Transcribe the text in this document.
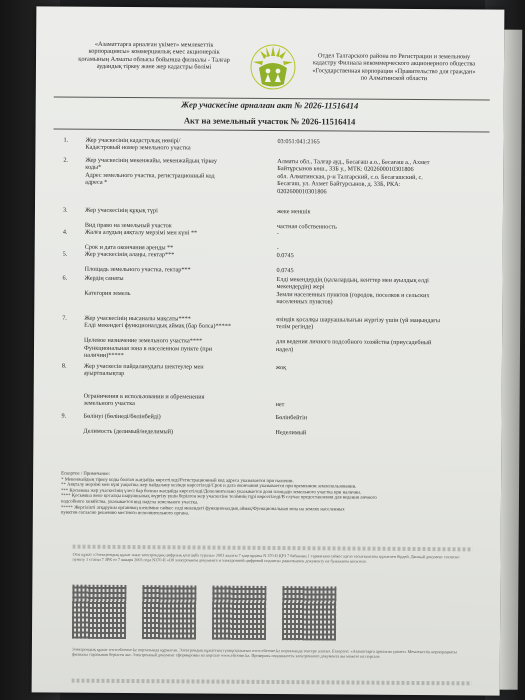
«Азаматтарға арналған үкімет» мемлекеттік
корпорациясы» коммерциялық емес акционерлік
қоғамының Алматы облысы бойынша филиалы - Талғар
аудандық тіркеу және жер кадастры бөлімі
Отдел Талгарского района по Регистрации и земельному
кадастру Филиала некоммерческого акционерного общества
«Государственная корпорация «Правительство для граждан»
по Алматинской области
Жер учаскесіне арналған акт № 2026-11516414
Акт на земельный участок № 2026-11516414
1.	Жер учаскесінің кадастрлық нөмірі/
Кадастровый номер земельного участка
03:051:041:2165
2.	Жер учаскесінің мекенжайы, мекенжайдың тіркеу
коды*
Адрес земельного участка, регистрационный код
адреса *
Алматы обл., Талғар ауд., Бесағаш а.о., Бесағаш а., Ахмет
Байтұрсынов көш., 33Б у., МТК: 0202600010301806
обл. Алматинская, р-н Талгарский, с.о. Бесагашский, с.
Бесагаш, ул. Ахмет Байтурсынов, д. 33Б, РКА:
0202600010301806
3.	Жер учаскесінің құқық түрі

Вид право на земельный участок
жеке меншік

частная собственность
4.	Жалға алудың аяқталу мерзімі мен күні **

Срок и дата окончания аренды **
-

-
5.	Жер учаскесінің алаңы, гектар***

Площадь земельного участка, гектар***
0.0745

0.0745
6.	Жердің санаты

Категория земель
Елді мекендердің (қалалардың, кенттер мен ауылдық елді
мекендердің) жері
Земли населенных пунктов (городов, поселков и сельских
населенных пунктов)
7.	Жер учаскесінің нысаналы мақсаты****
Елді мекендегі функционалдық аймақ (бар болса)*****

Целевое назначение земельного участка****
Функциональная зона в населенном пункте (при
наличии)*****
өзіндік қосалқы шаруашылығын жүргізу үшін (үй маңындағы
телім регінде)

для ведения личного подсобного хозяйства (приусадебный
надел)
8.	Жер учаскесін пайдаланудағы шектеулер мен
ауыртпалықтар

Ограничения в использовании и обременения
земельного участка
жоқ

нет
9.	Бөлінуі (бөлінеді/бөлінбейді)

Делимость (делимый/неделимый)
Бөлінбейтін

Неделимый
Ескертпе / Примечание:
* Мекенжайдың тіркеу коды болған жағдайда көрсетіледі/Регистрационный код адреса указывается при наличии.
** Аяқталу мерзімі мен күні уақытша жер пайдалану кезінде көрсетіледі/Срок и дата окончания указывается при временном землепользовании.
*** Қосымша жер учаскесінің үлесі бар болған жағдайда көрсетіледі/Дополнительно указывается доля площади земельного участка при наличии.
**** Қосымша жеке қосалқы шаруашылық жүргізу үшін берілген жер учаскесіне телімнің түрі көрсетіледі/В случае предоставления для ведения личного
подсобного хозяйства, указывается вид надела земельного участка.
***** Жергілікті атқарушы органның шешіміне сәйкес елді мекендегі функционалдық аймақ/Функциональная зона на землях населенных
пунктов согласно решению местного исполнительного органа.
Осы құжат «Электрондық құжат және электрондық цифрлық қолтаңба туралы» 2003 жылғы 7 қаңтардағы N 370-II ҚРЗ 7 бабының 1 тармағына сәйкес қағаз тасығыштағы құжатпен бірдей. Данный документ согласно пункту 1 статьи 7 ЗРК от 7 января 2003 года N370-II «Об электронном документе и электронной цифровой подписи» равнозначен документу на бумажном носителе.
Электрондық құжат www.elicense.kz порталында құрылған. Электрондық құжаттың түпнұсқалығын www.elicense.kz порталында тексере аласыз. Ескертпе: «Азаматтарға арналған үкімет» Мемлекеттік корпорациясы филиалы тарапынан берілген акт. Электронный документ сформирован на портале www.elicense.kz. Проверить подлинность электронного документа вы можете на портале.
